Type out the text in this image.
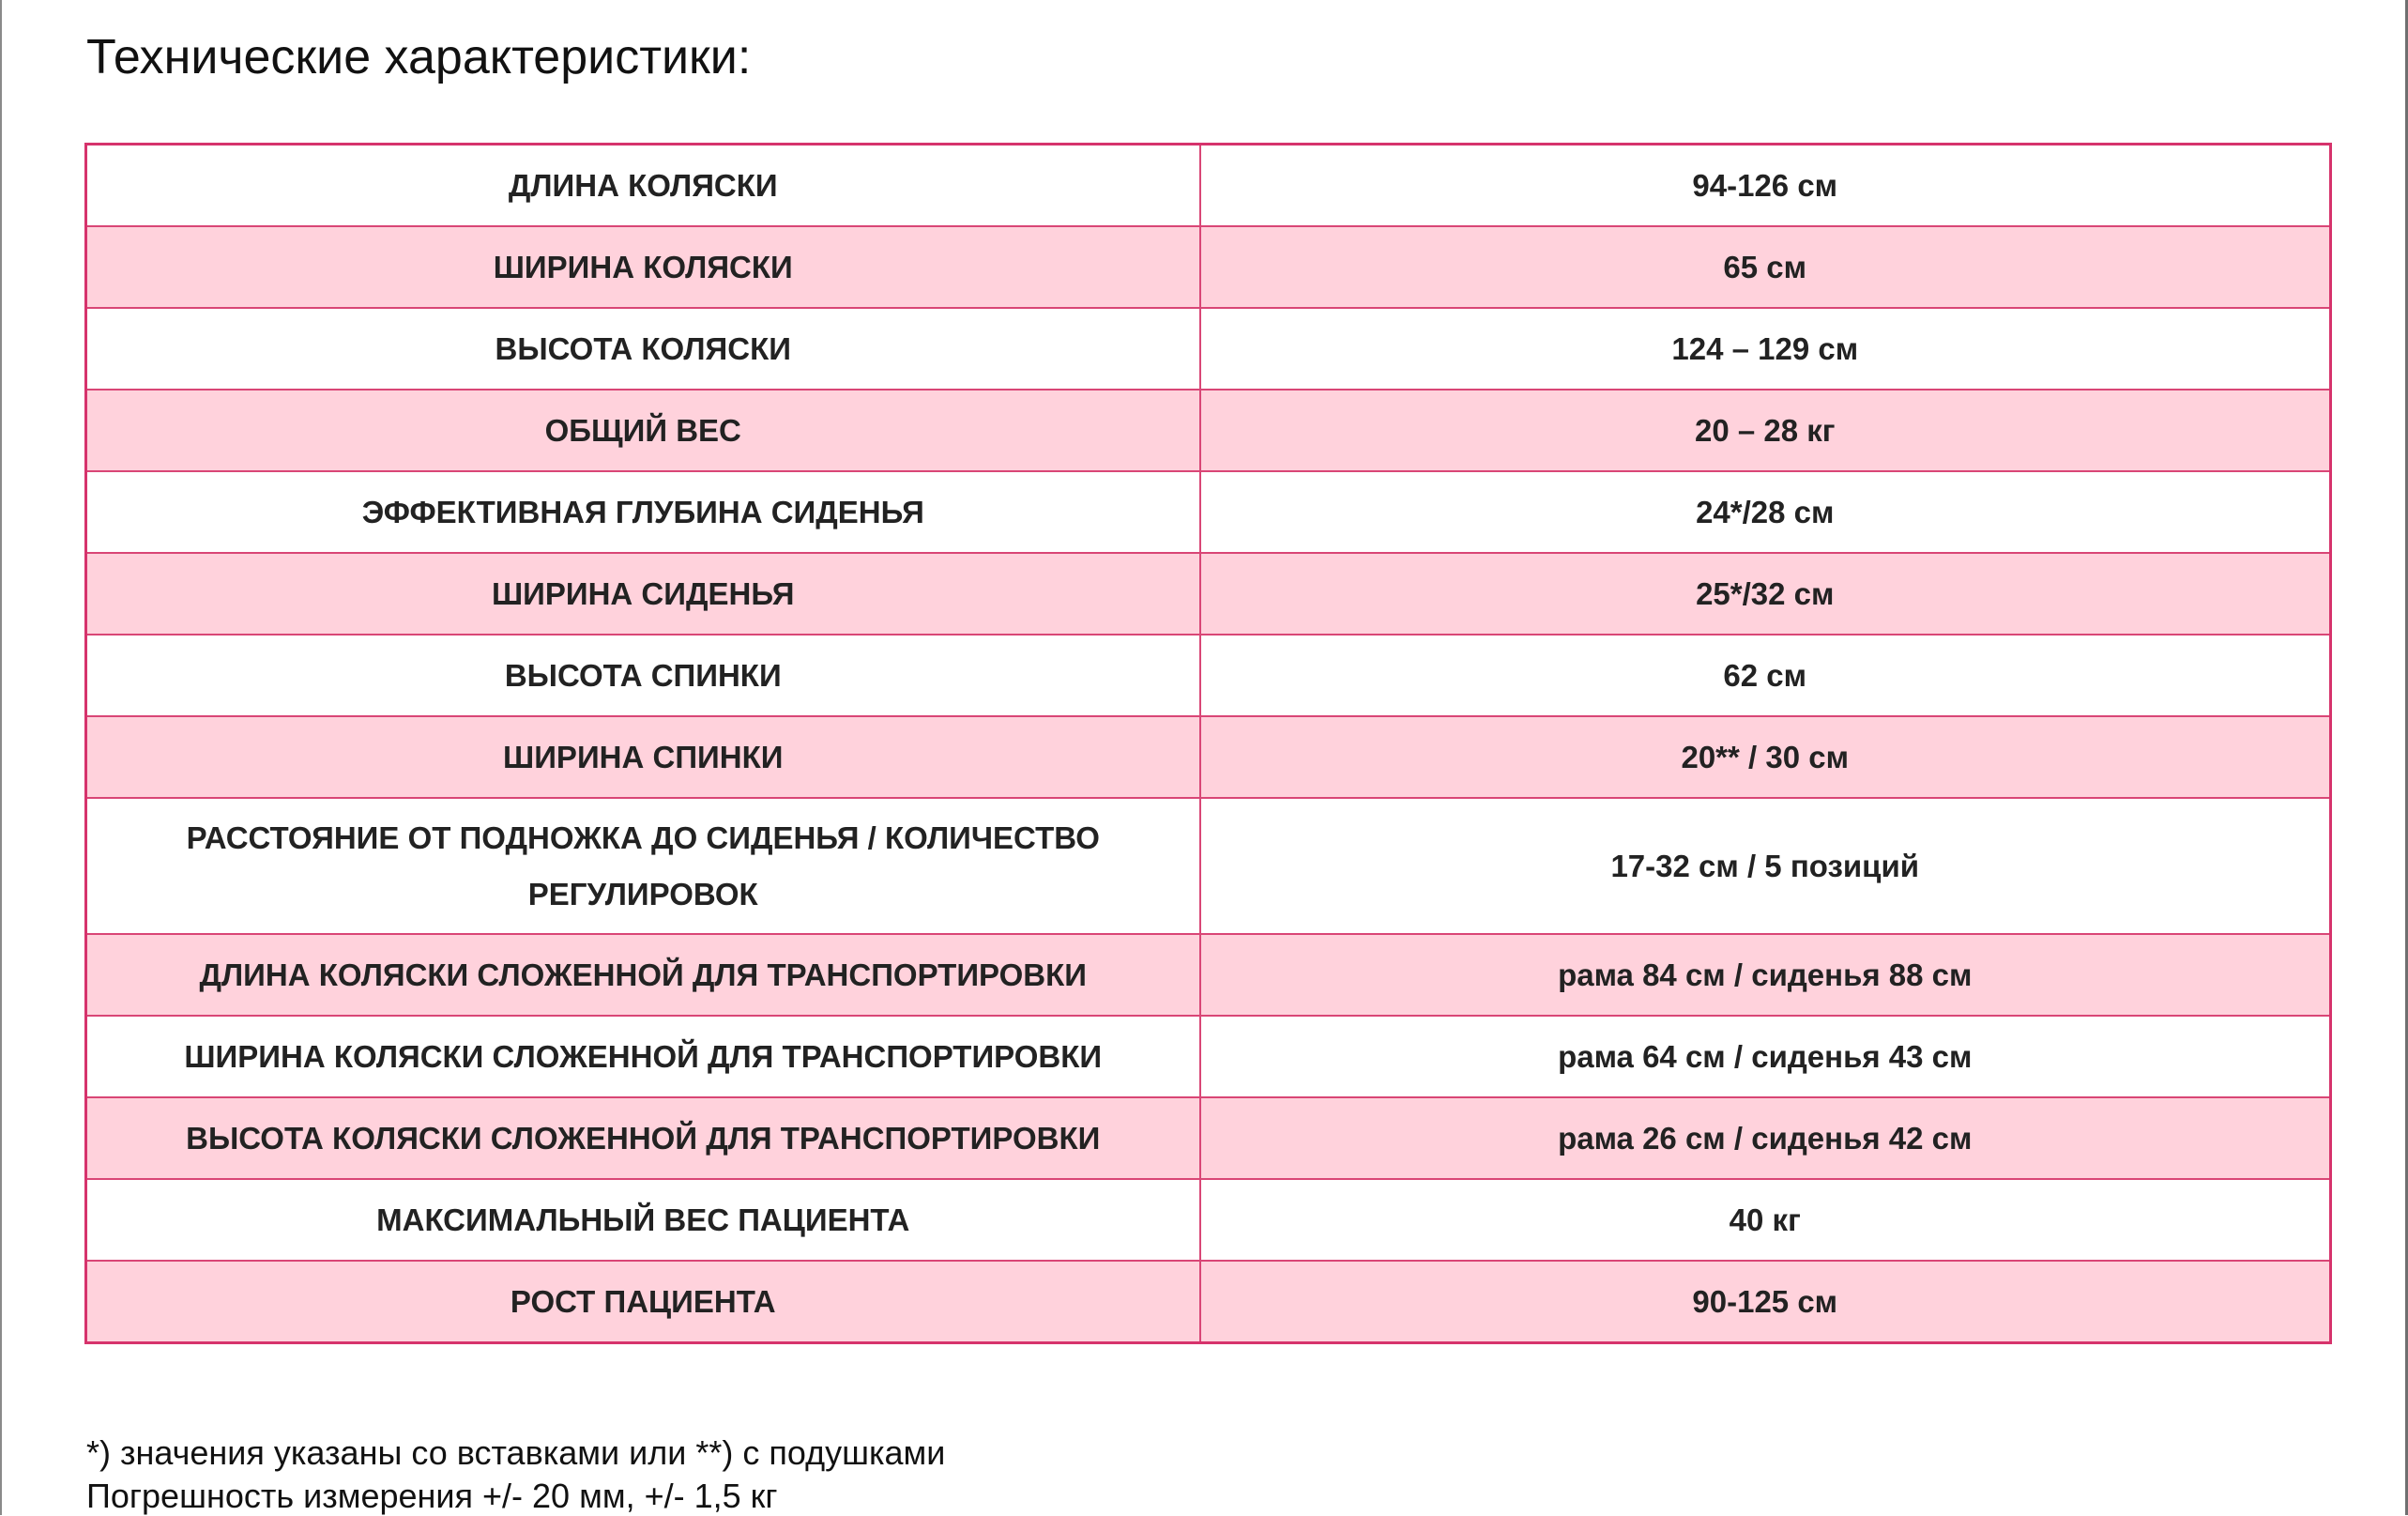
Технические характеристики:
ДЛИНА КОЛЯСКИ	94-126 см
ШИРИНА КОЛЯСКИ	65 см
ВЫСОТА КОЛЯСКИ	124 – 129 см
ОБЩИЙ ВЕС	20 – 28 кг
ЭФФЕКТИВНАЯ ГЛУБИНА СИДЕНЬЯ	24*/28 см
ШИРИНА СИДЕНЬЯ	25*/32 см
ВЫСОТА СПИНКИ	62 см
ШИРИНА СПИНКИ	20** / 30 см
РАССТОЯНИЕ ОТ ПОДНОЖКА ДО СИДЕНЬЯ / КОЛИЧЕСТВО РЕГУЛИРОВОК	17-32 см / 5 позиций
ДЛИНА КОЛЯСКИ СЛОЖЕННОЙ ДЛЯ ТРАНСПОРТИРОВКИ	рама 84 см / сиденья 88 см
ШИРИНА КОЛЯСКИ СЛОЖЕННОЙ ДЛЯ ТРАНСПОРТИРОВКИ	рама 64 см / сиденья 43 см
ВЫСОТА КОЛЯСКИ СЛОЖЕННОЙ ДЛЯ ТРАНСПОРТИРОВКИ	рама 26 см / сиденья 42 см
МАКСИМАЛЬНЫЙ ВЕС ПАЦИЕНТА	40 кг
РОСТ ПАЦИЕНТА	90-125 см

*) значения указаны со вставками или **) с подушками

Погрешность измерения +/- 20 мм, +/- 1,5 кг
